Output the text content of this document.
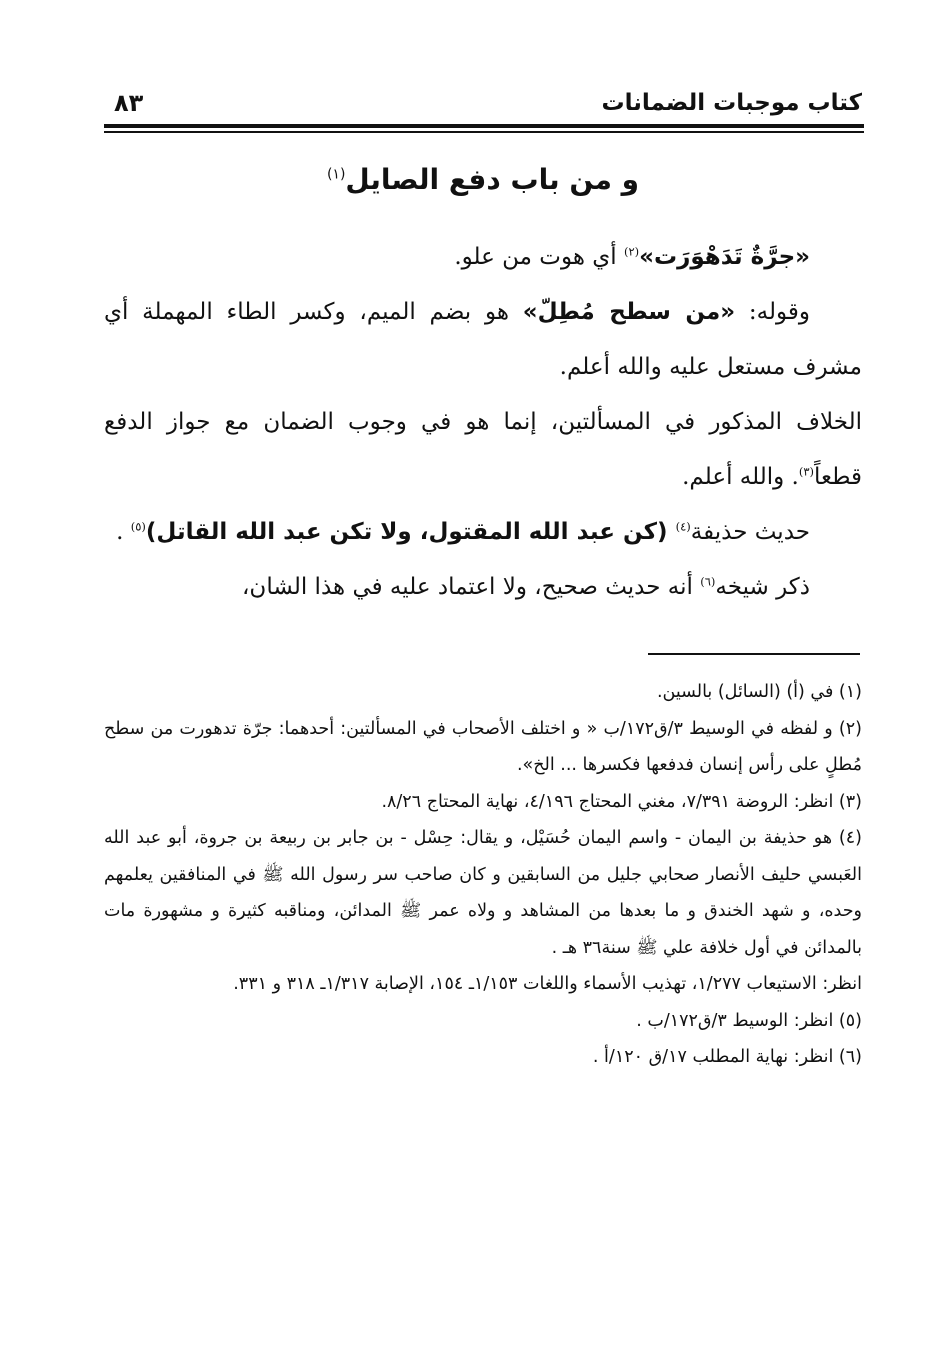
كتاب موجبات الضمانات
٨٣
و من باب دفع الصايل$^{(١)}$

«جرَّةٌ تَدَهْوَرَت»$^{(٢)}$ أي هوت من علو.

وقوله: «من سطح مُطِلّ» هو بضم الميم، وكسر الطاء المهملة أي مشرف مستعل عليه والله أعلم.

الخلاف المذكور في المسألتين، إنما هو في وجوب الضمان مع جواز الدفع قطعاً$^{(٣)}$. والله أعلم.

حديث حذيفة$^{(٤)}$ (كن عبد الله المقتول، ولا تكن عبد الله القاتل)$^{(٥)}$ .

ذكر شيخه$^{(٦)}$ أنه حديث صحيح، ولا اعتماد عليه في هذا الشان،

(١) في (أ) (السائل) بالسين.

(٢) و لفظه في الوسيط ٣/ق١٧٢/ب « و اختلف الأصحاب في المسألتين: أحدهما: جرّة تدهورت من سطح مُطلٍ على رأس إنسان فدفعها فكسرها ... الخ».

(٣) انظر: الروضة ٧/٣٩١، مغني المحتاج ٤/١٩٦، نهاية المحتاج ٨/٢٦.

(٤) هو حذيفة بن اليمان - واسم اليمان حُسَيْل، و يقال: حِسْل - بن جابر بن ربيعة بن جروة، أبو عبد الله العَبسي حليف الأنصار صحابي جليل من السابقين و كان صاحب سر رسول الله ﷺ في المنافقين يعلمهم وحده، و شهد الخندق و ما بعدها من المشاهد و ولاه عمر ﷺ المدائن، ومناقبه كثيرة و مشهورة مات بالمدائن في أول خلافة علي ﷺ سنة٣٦ هـ .

انظر: الاستيعاب ١/٢٧٧، تهذيب الأسماء واللغات ١/١٥٣ـ ١٥٤، الإصابة ١/٣١٧ـ ٣١٨ و ٣٣١.

(٥) انظر: الوسيط ٣/ق١٧٢/ب .

(٦) انظر: نهاية المطلب ١٧/ق ١٢٠/أ .
